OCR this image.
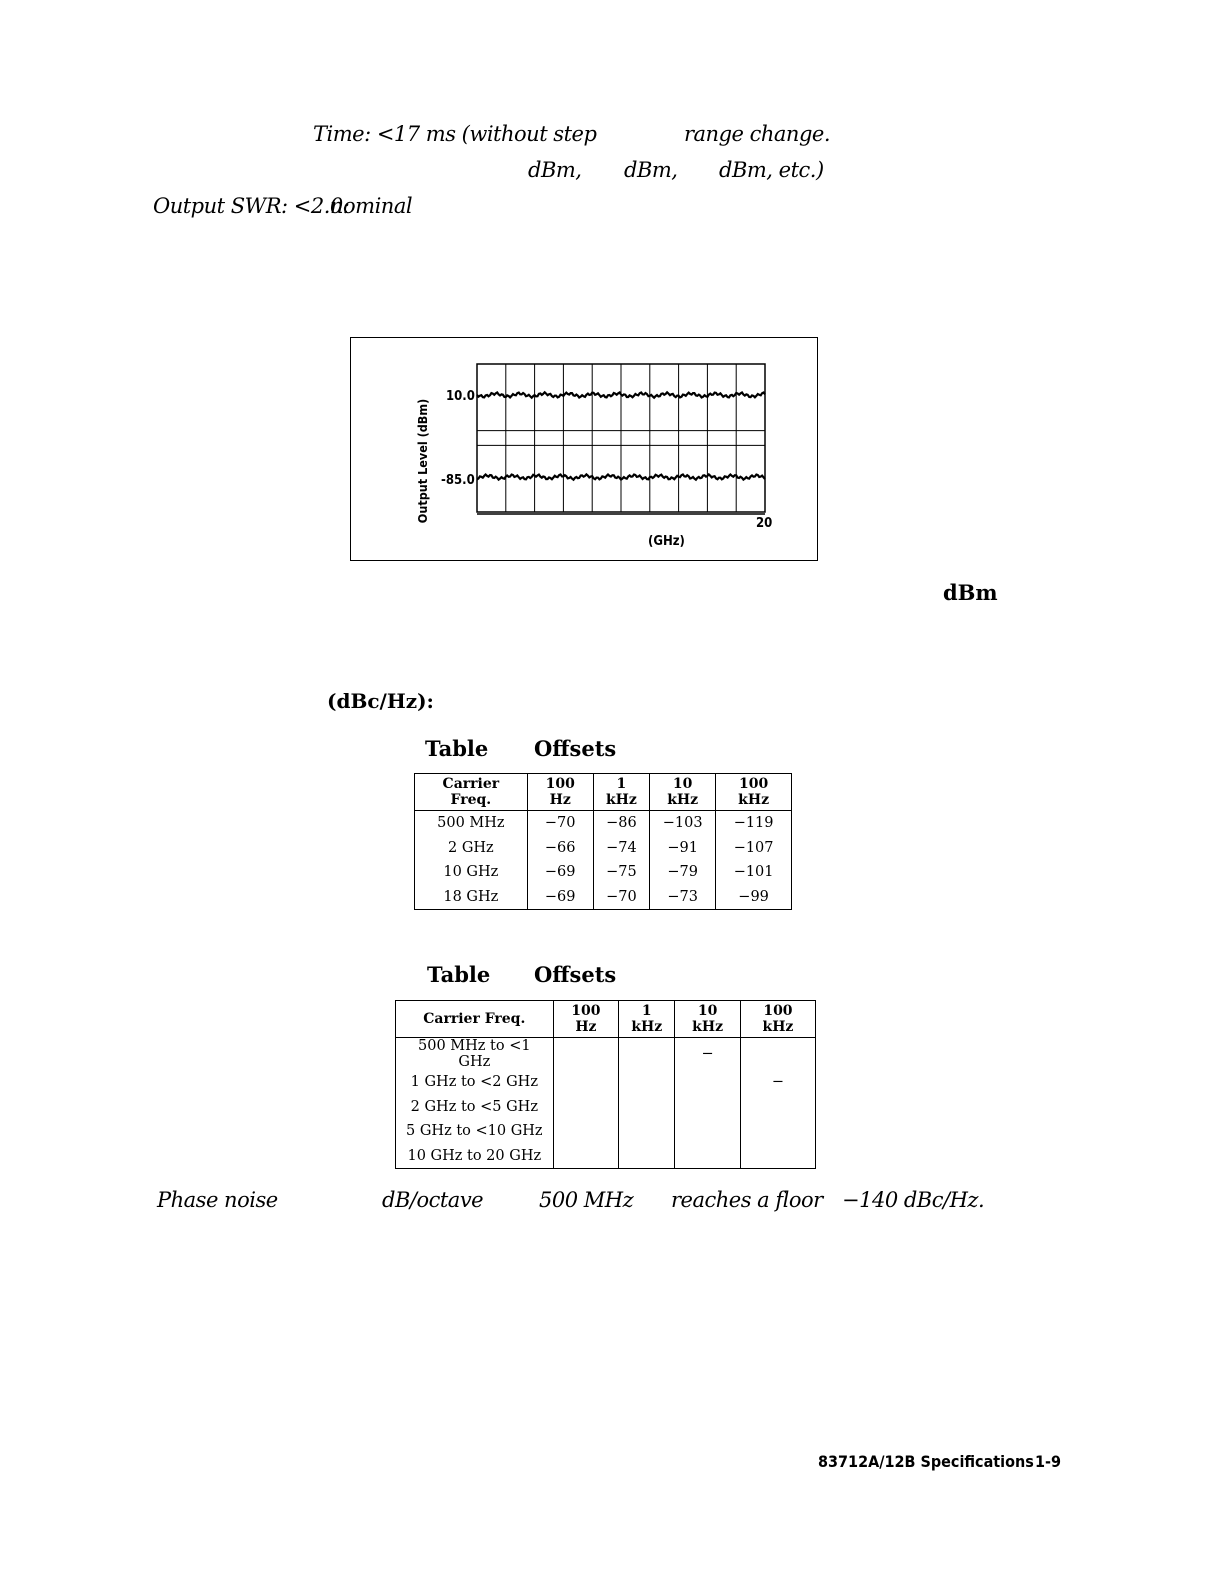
Time: <17 ms (without step	range change.
dBm, dBm, dBm, etc.)
Output SWR: <2.0:
nominal
Output Level (dBm)
10.0
-85.0
20
(GHz)
dBm
(dBc/Hz):
Table Offsets
Carrier Freq.	100 Hz	1 kHz	10 kHz	100 kHz
500 MHz	−70	−86	−103	−119
2 GHz	−66	−74	−91	−107
10 GHz	−69	−75	−79	−101
18 GHz	−69	−70	−73	−99
Table Offsets
Carrier Freq.	100 Hz	1 kHz	10 kHz	100 kHz
500 MHz to <1 GHz			−	
1 GHz to <2 GHz				−
2 GHz to <5 GHz				
5 GHz to <10 GHz				
10 GHz to 20 GHz				
Phase noise	dB/octave	500 MHz reaches a floor −140 dBc/Hz.
83712A/12B Specifications 1-9
